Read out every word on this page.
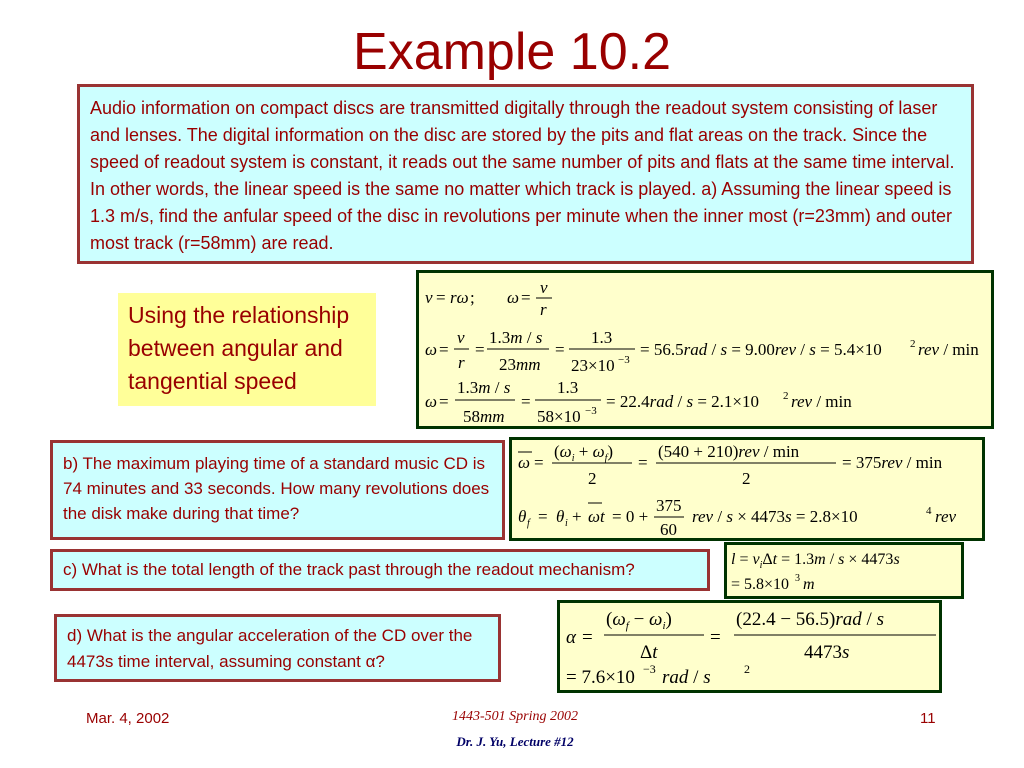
Example 10.2
Audio information on compact discs are transmitted digitally through the readout system consisting of laser and lenses. The digital information on the disc are stored by the pits and flat areas on the track. Since the speed of readout system is constant, it reads out the same number of pits and flats at the same time interval. In other words, the linear speed is the same no matter which track is played. a) Assuming the linear speed is 1.3 m/s, find the anfular speed of the disc in revolutions per minute when the inner most (r=23mm) and outer most track (r=58mm) are read.
Using the relationship between angular and tangential speed
v = rω ; ω =
v
r
ω =
v
r
=
1.3m / s
23mm
=
1.3
23×10 −3
= 56.5rad / s = 9.00rev / s = 5.4×10	2 rev / min
ω =
1.3m / s
58mm
=
1.3
58×10 −3 = 22.4rad / s = 2.1×10 2 rev / min
b) The maximum playing time of a standard music CD is 74 minutes and 33 seconds. How many revolutions does the disk make during that time?
ω =
$(\omega_i + \omega_f)$
2
=
(540 + 210)rev / min
2
= 375rev / min
θ f = θ i + ωt = 0 +
375
60
rev / s × 4473s = 2.8×10	4 rev
c) What is the total length of the track past through the readout mechanism?
$l = v_i\Delta t = 1.3m / s \times 4473s$
= 5.8×10 3 m
d) What is the angular acceleration of the CD over the 4473s time interval, assuming constant α?
α =
$(\omega_f - \omega_i)$
Δt
=
(22.4 − 56.5)rad / s
4473s
= 7.6×10 −3 rad / s	2
Mar. 4, 2002	1443-501 Spring 2002
Dr. J. Yu, Lecture #12
11
